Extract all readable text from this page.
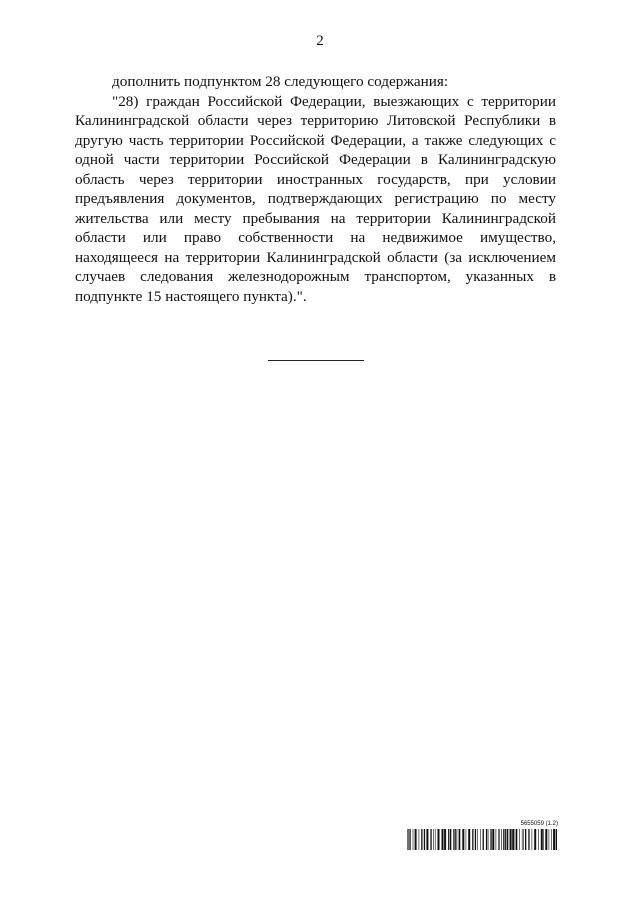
2

дополнить подпунктом 28 следующего содержания:

"28) граждан Российской Федерации, выезжающих с территории Калининградской области через территорию Литовской Республики в другую часть территории Российской Федерации, а также следующих с одной части территории Российской Федерации в Калининградскую область через территории иностранных государств, при условии предъявления документов, подтверждающих регистрацию по месту жительства или месту пребывания на территории Калининградской области или право собственности на недвижимое имущество, находящееся на территории Калининградской области (за исключением случаев следования железнодорожным транспортом, указанных в подпункте 15 настоящего пункта).".

5655059 (1.2)
